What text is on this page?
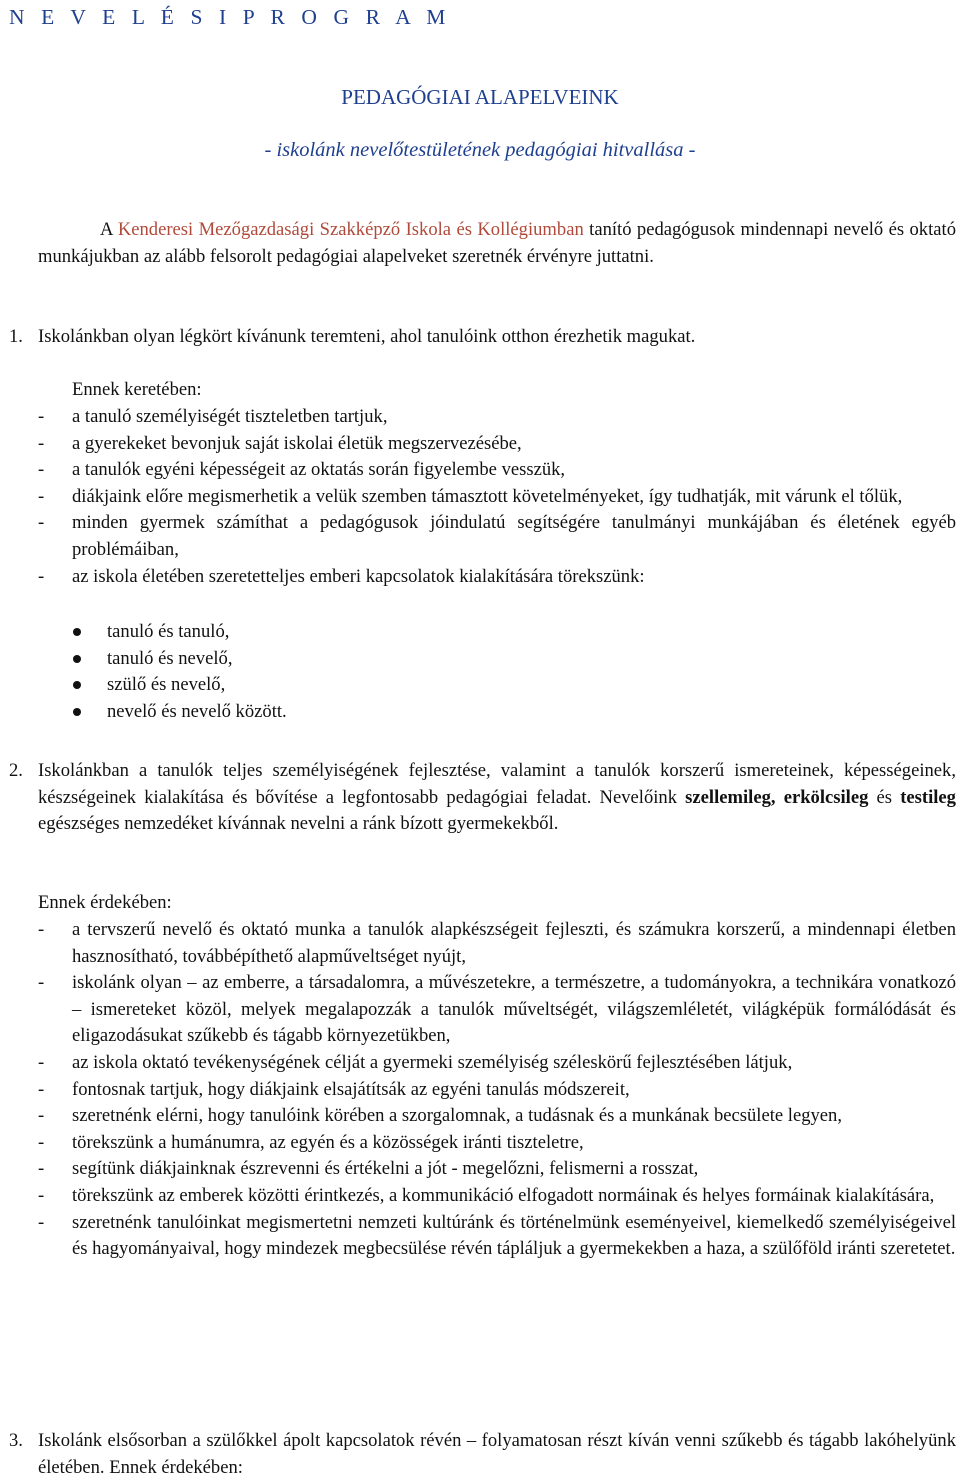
N E V E L É S I P R O G R A M
PEDAGÓGIAI ALAPELVEINK
- iskolánk nevelőtestületének pedagógiai hitvallása -

A Kenderesi Mezőgazdasági Szakképző Iskola és Kollégiumban tanító pedagógusok mindennapi nevelő és oktató munkájukban az alább felsorolt pedagógiai alapelveket szeretnék érvényre juttatni.

1. Iskolánkban olyan légkört kívánunk teremteni, ahol tanulóink otthon érezhetik magukat.
Ennek keretében:
- a tanuló személyiségét tiszteletben tartjuk,
- a gyerekeket bevonjuk saját iskolai életük megszervezésébe,
- a tanulók egyéni képességeit az oktatás során figyelembe vesszük,
- diákjaink előre megismerhetik a velük szemben támasztott követelményeket, így tudhatják, mit várunk el tőlük,
- minden gyermek számíthat a pedagógusok jóindulatú segítségére tanulmányi munkájában és életének egyéb problémáiban,
- az iskola életében szeretetteljes emberi kapcsolatok kialakítására törekszünk:
tanuló és tanuló,
tanuló és nevelő,
szülő és nevelő,
nevelő és nevelő között.
2. Iskolánkban a tanulók teljes személyiségének fejlesztése, valamint a tanulók korszerű ismereteinek, képességeinek, készségeinek kialakítása és bővítése a legfontosabb pedagógiai feladat. Nevelőink szellemileg, erkölcsileg és testileg egészséges nemzedéket kívánnak nevelni a ránk bízott gyermekekből.
Ennek érdekében:
- a tervszerű nevelő és oktató munka a tanulók alapkészségeit fejleszti, és számukra korszerű, a mindennapi életben hasznosítható, továbbépíthető alapműveltséget nyújt,
- iskolánk olyan – az emberre, a társadalomra, a művészetekre, a természetre, a tudományokra, a technikára vonatkozó – ismereteket közöl, melyek megalapozzák a tanulók műveltségét, világszemléletét, világképük formálódását és eligazodásukat szűkebb és tágabb környezetükben,
- az iskola oktató tevékenységének célját a gyermeki személyiség széleskörű fejlesztésében látjuk,
- fontosnak tartjuk, hogy diákjaink elsajátítsák az egyéni tanulás módszereit,
- szeretnénk elérni, hogy tanulóink körében a szorgalomnak, a tudásnak és a munkának becsülete legyen,
- törekszünk a humánumra, az egyén és a közösségek iránti tiszteletre,
- segítünk diákjainknak észrevenni és értékelni a jót - megelőzni, felismerni a rosszat,
- törekszünk az emberek közötti érintkezés, a kommunikáció elfogadott normáinak és helyes formáinak kialakítására,
- szeretnénk tanulóinkat megismertetni nemzeti kultúránk és történelmünk eseményeivel, kiemelkedő személyiségeivel és hagyományaival, hogy mindezek megbecsülése révén tápláljuk a gyermekekben a haza, a szülőföld iránti szeretetet.
3. Iskolánk elsősorban a szülőkkel ápolt kapcsolatok révén – folyamatosan részt kíván venni szűkebb és tágabb lakóhelyünk életében. Ennek érdekében:
